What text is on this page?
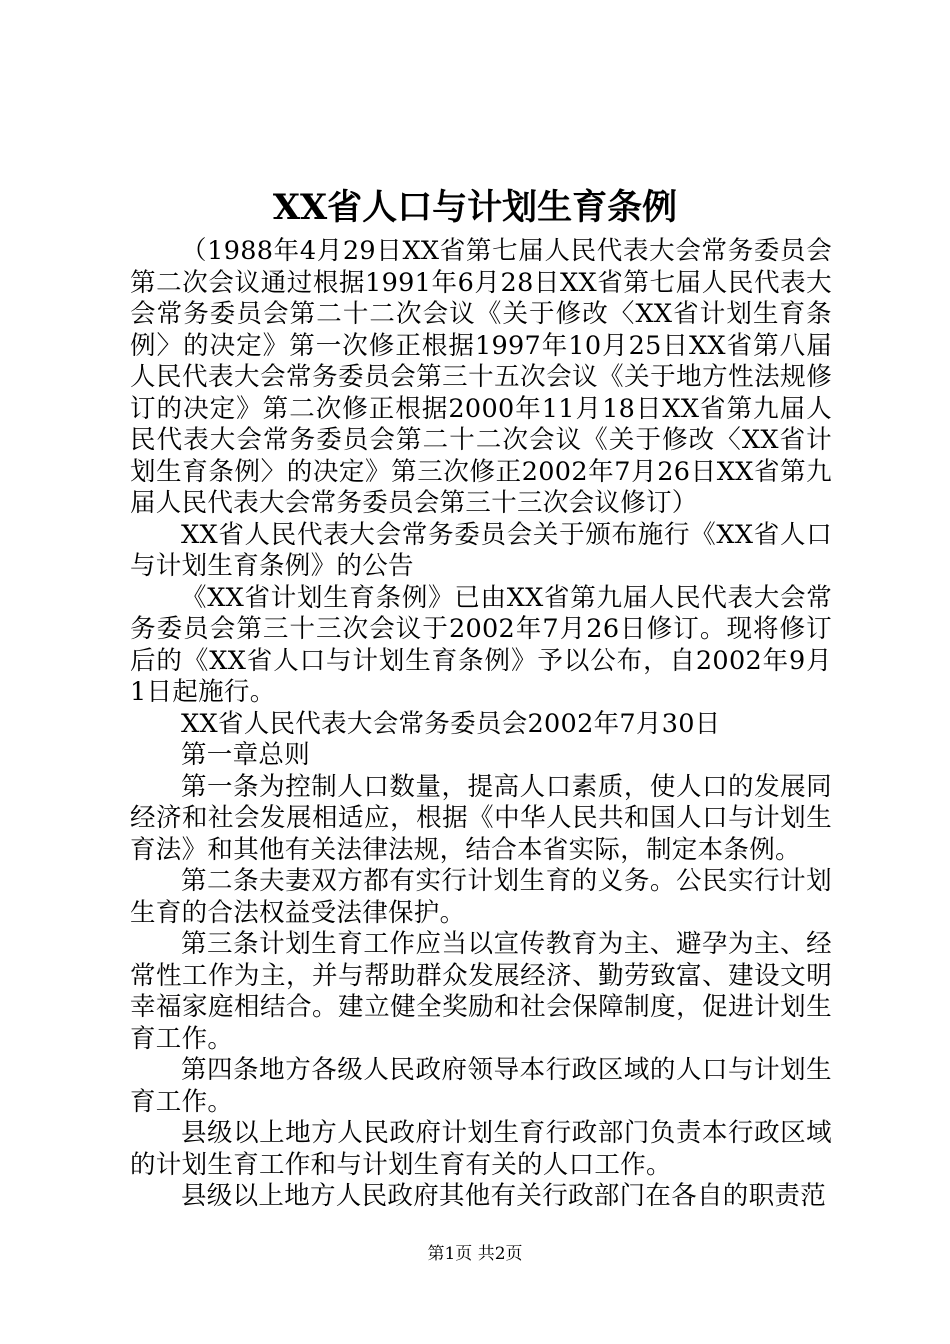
XX省人口与计划生育条例

（1988年4月29日XX省第七届人民代表大会常务委员会第二次会议通过根据1991年6月28日XX省第七届人民代表大会常务委员会第二十二次会议《关于修改〈XX省计划生育条例〉的决定》第一次修正根据1997年10月25日XX省第八届人民代表大会常务委员会第三十五次会议《关于地方性法规修订的决定》第二次修正根据2000年11月18日XX省第九届人民代表大会常务委员会第二十二次会议《关于修改〈XX省计划生育条例〉的决定》第三次修正2002年7月26日XX省第九届人民代表大会常务委员会第三十三次会议修订）

XX省人民代表大会常务委员会关于颁布施行《XX省人口与计划生育条例》的公告

《XX省计划生育条例》已由XX省第九届人民代表大会常务委员会第三十三次会议于2002年7月26日修订。现将修订后的《XX省人口与计划生育条例》予以公布，自2002年9月1日起施行。

XX省人民代表大会常务委员会2002年7月30日

第一章总则

第一条为控制人口数量，提高人口素质，使人口的发展同经济和社会发展相适应，根据《中华人民共和国人口与计划生育法》和其他有关法律法规，结合本省实际，制定本条例。

第二条夫妻双方都有实行计划生育的义务。公民实行计划生育的合法权益受法律保护。

第三条计划生育工作应当以宣传教育为主、避孕为主、经常性工作为主，并与帮助群众发展经济、勤劳致富、建设文明幸福家庭相结合。建立健全奖励和社会保障制度，促进计划生育工作。

第四条地方各级人民政府领导本行政区域的人口与计划生育工作。

县级以上地方人民政府计划生育行政部门负责本行政区域的计划生育工作和与计划生育有关的人口工作。

县级以上地方人民政府其他有关行政部门在各自的职责范

第1页 共2页
